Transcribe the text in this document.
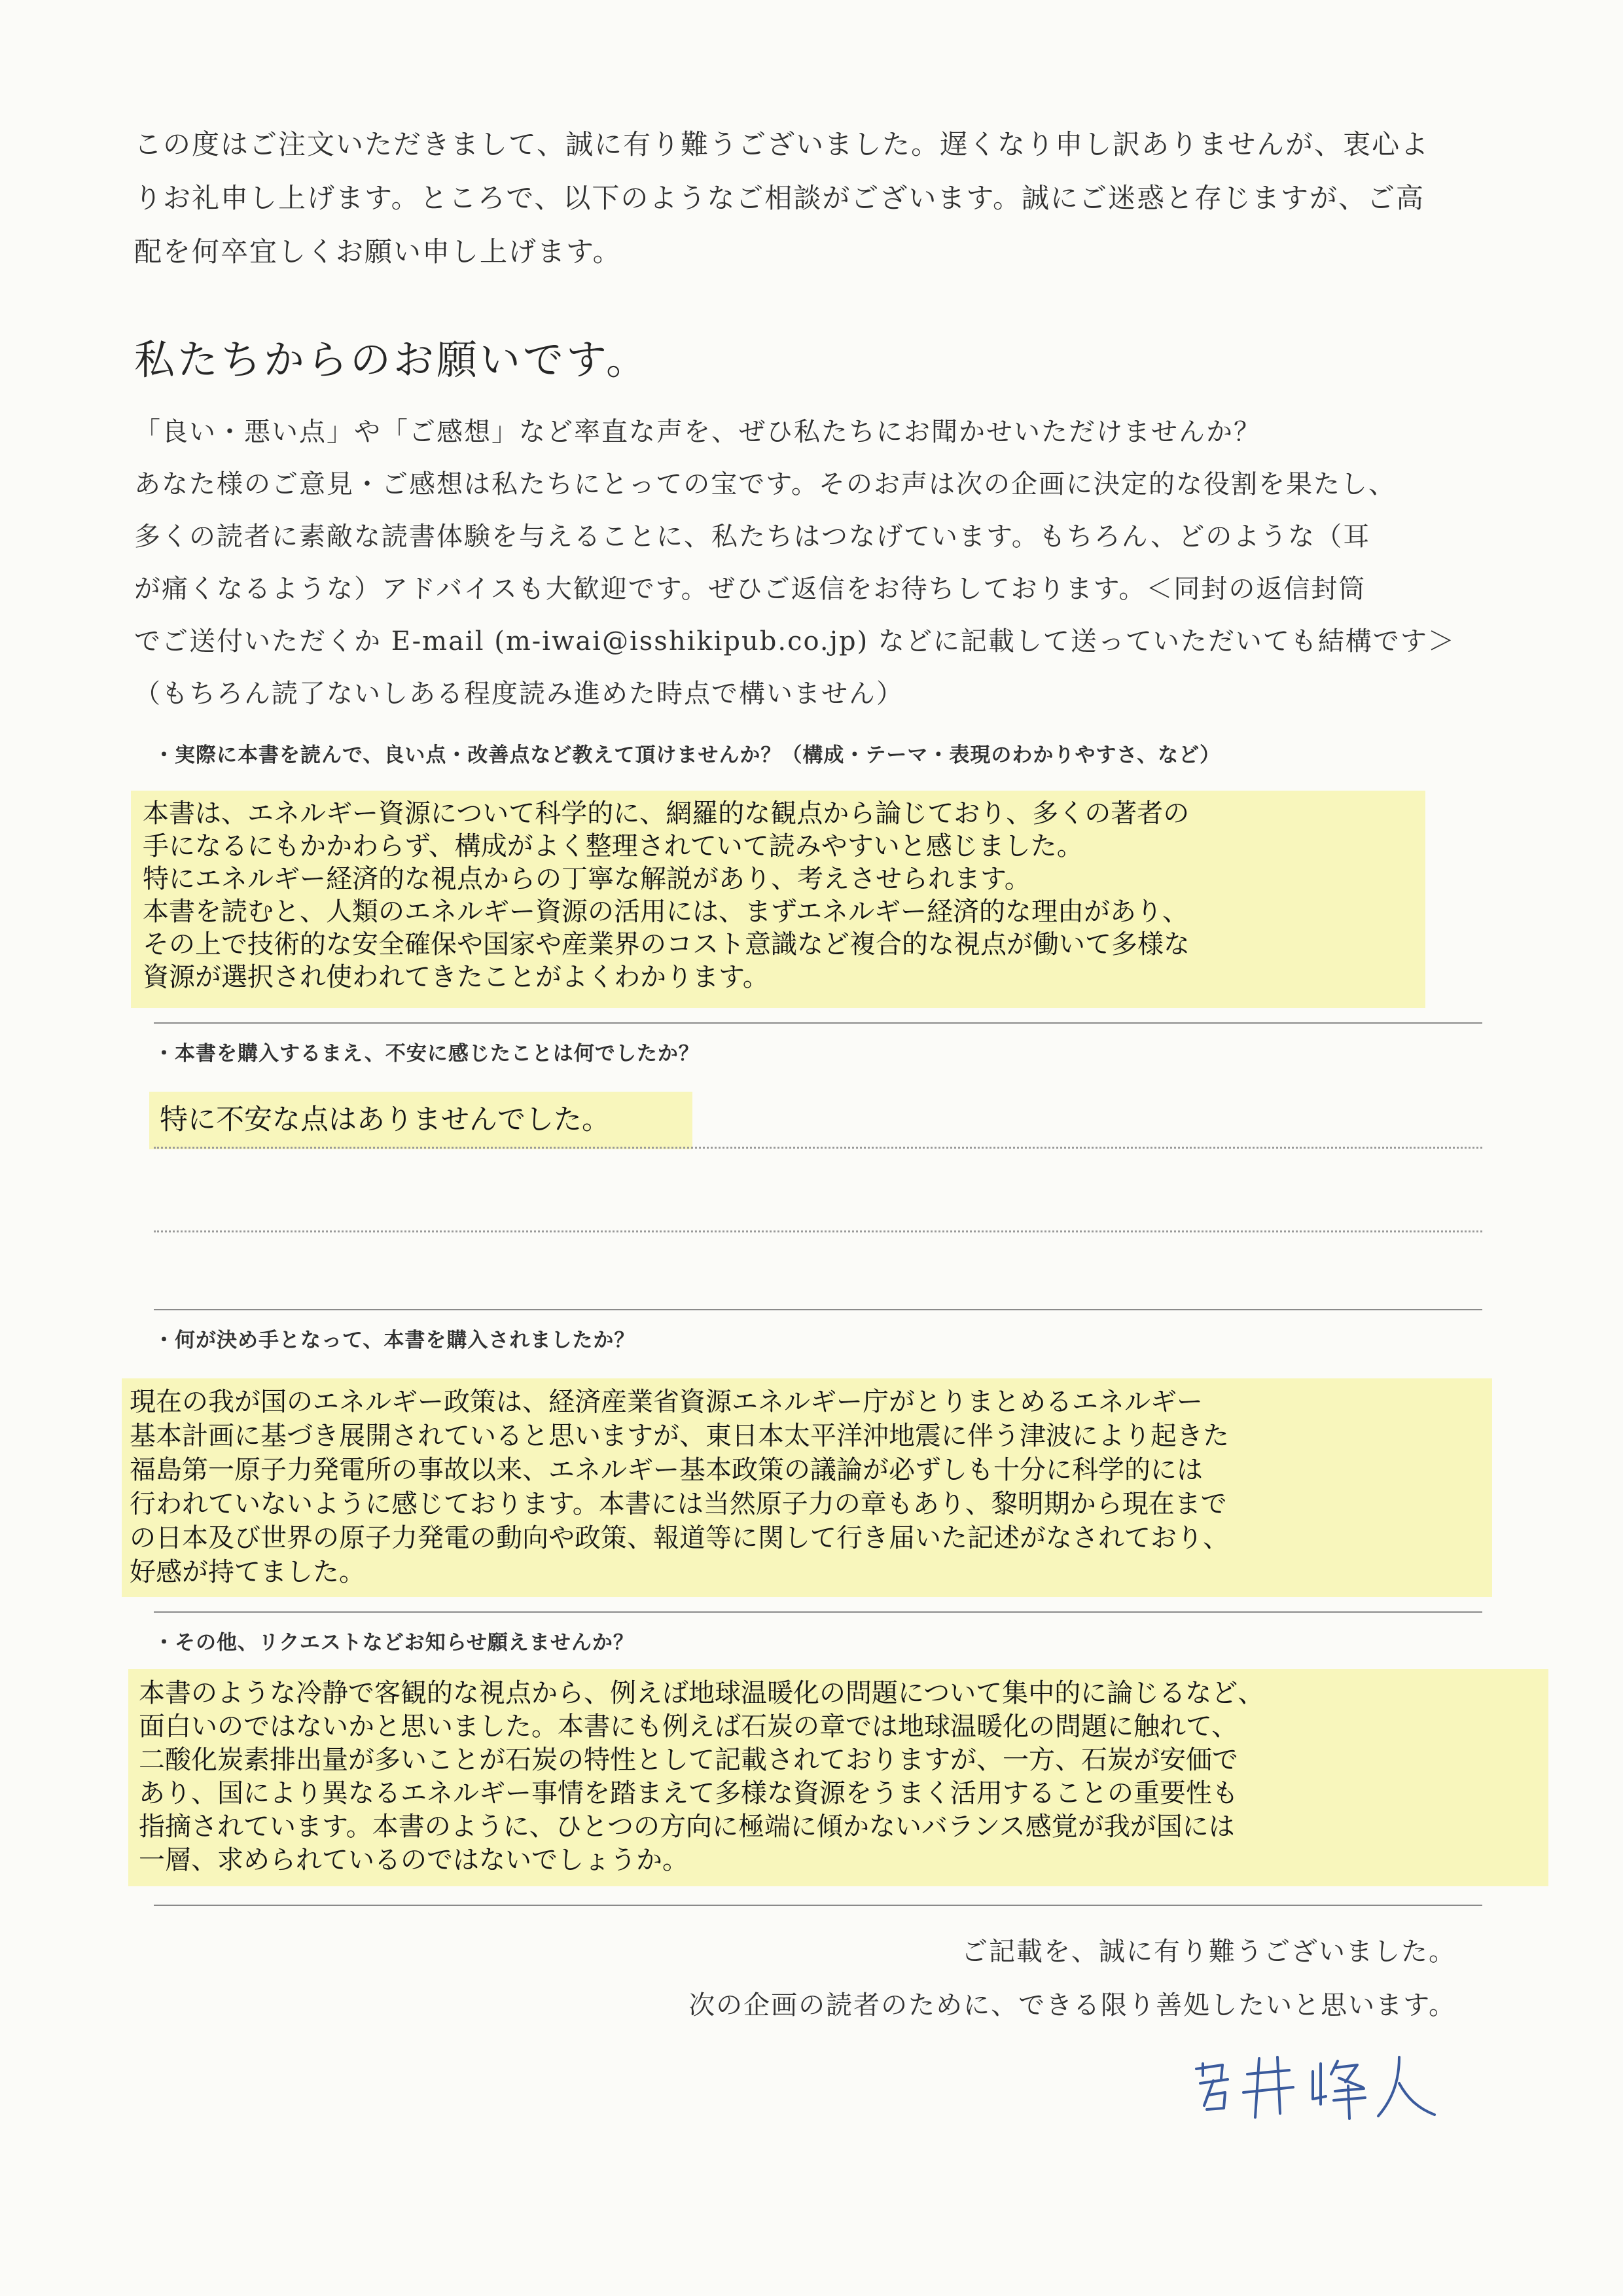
この度はご注文いただきまして、誠に有り難うございました。遅くなり申し訳ありませんが、衷心よ
りお礼申し上げます。ところで、以下のようなご相談がございます。誠にご迷惑と存じますが、ご高
配を何卒宜しくお願い申し上げます。
私たちからのお願いです。

「良い・悪い点」や「ご感想」など率直な声を、ぜひ私たちにお聞かせいただけませんか？

あなた様のご意見・ご感想は私たちにとっての宝です。そのお声は次の企画に決定的な役割を果たし、

多くの読者に素敵な読書体験を与えることに、私たちはつなげています。もちろん、どのような（耳

が痛くなるような）アドバイスも大歓迎です。ぜひご返信をお待ちしております。＜同封の返信封筒

でご送付いただくか E-mail (m-iwai@isshikipub.co.jp) などに記載して送っていただいても結構です＞

（もちろん読了ないしある程度読み進めた時点で構いません）

・実際に本書を読んで、良い点・改善点など教えて頂けませんか？（構成・テーマ・表現のわかりやすさ、など）

本書は、エネルギー資源について科学的に、網羅的な観点から論じており、多くの著者の

手になるにもかかわらず、構成がよく整理されていて読みやすいと感じました。

特にエネルギー経済的な視点からの丁寧な解説があり、考えさせられます。

本書を読むと、人類のエネルギー資源の活用には、まずエネルギー経済的な理由があり、

その上で技術的な安全確保や国家や産業界のコスト意識など複合的な視点が働いて多様な

資源が選択され使われてきたことがよくわかります。

・本書を購入するまえ、不安に感じたことは何でしたか？

特に不安な点はありませんでした。

・何が決め手となって、本書を購入されましたか？

現在の我が国のエネルギー政策は、経済産業省資源エネルギー庁がとりまとめるエネルギー

基本計画に基づき展開されていると思いますが、東日本太平洋沖地震に伴う津波により起きた

福島第一原子力発電所の事故以来、エネルギー基本政策の議論が必ずしも十分に科学的には

行われていないように感じております。本書には当然原子力の章もあり、黎明期から現在まで

の日本及び世界の原子力発電の動向や政策、報道等に関して行き届いた記述がなされており、

好感が持てました。

・その他、リクエストなどお知らせ願えませんか？

本書のような冷静で客観的な視点から、例えば地球温暖化の問題について集中的に論じるなど、

面白いのではないかと思いました。本書にも例えば石炭の章では地球温暖化の問題に触れて、

二酸化炭素排出量が多いことが石炭の特性として記載されておりますが、一方、石炭が安価で

あり、国により異なるエネルギー事情を踏まえて多様な資源をうまく活用することの重要性も

指摘されています。本書のように、ひとつの方向に極端に傾かないバランス感覚が我が国には

一層、求められているのではないでしょうか。

ご記載を、誠に有り難うございました。
次の企画の読者のために、できる限り善処したいと思います。
